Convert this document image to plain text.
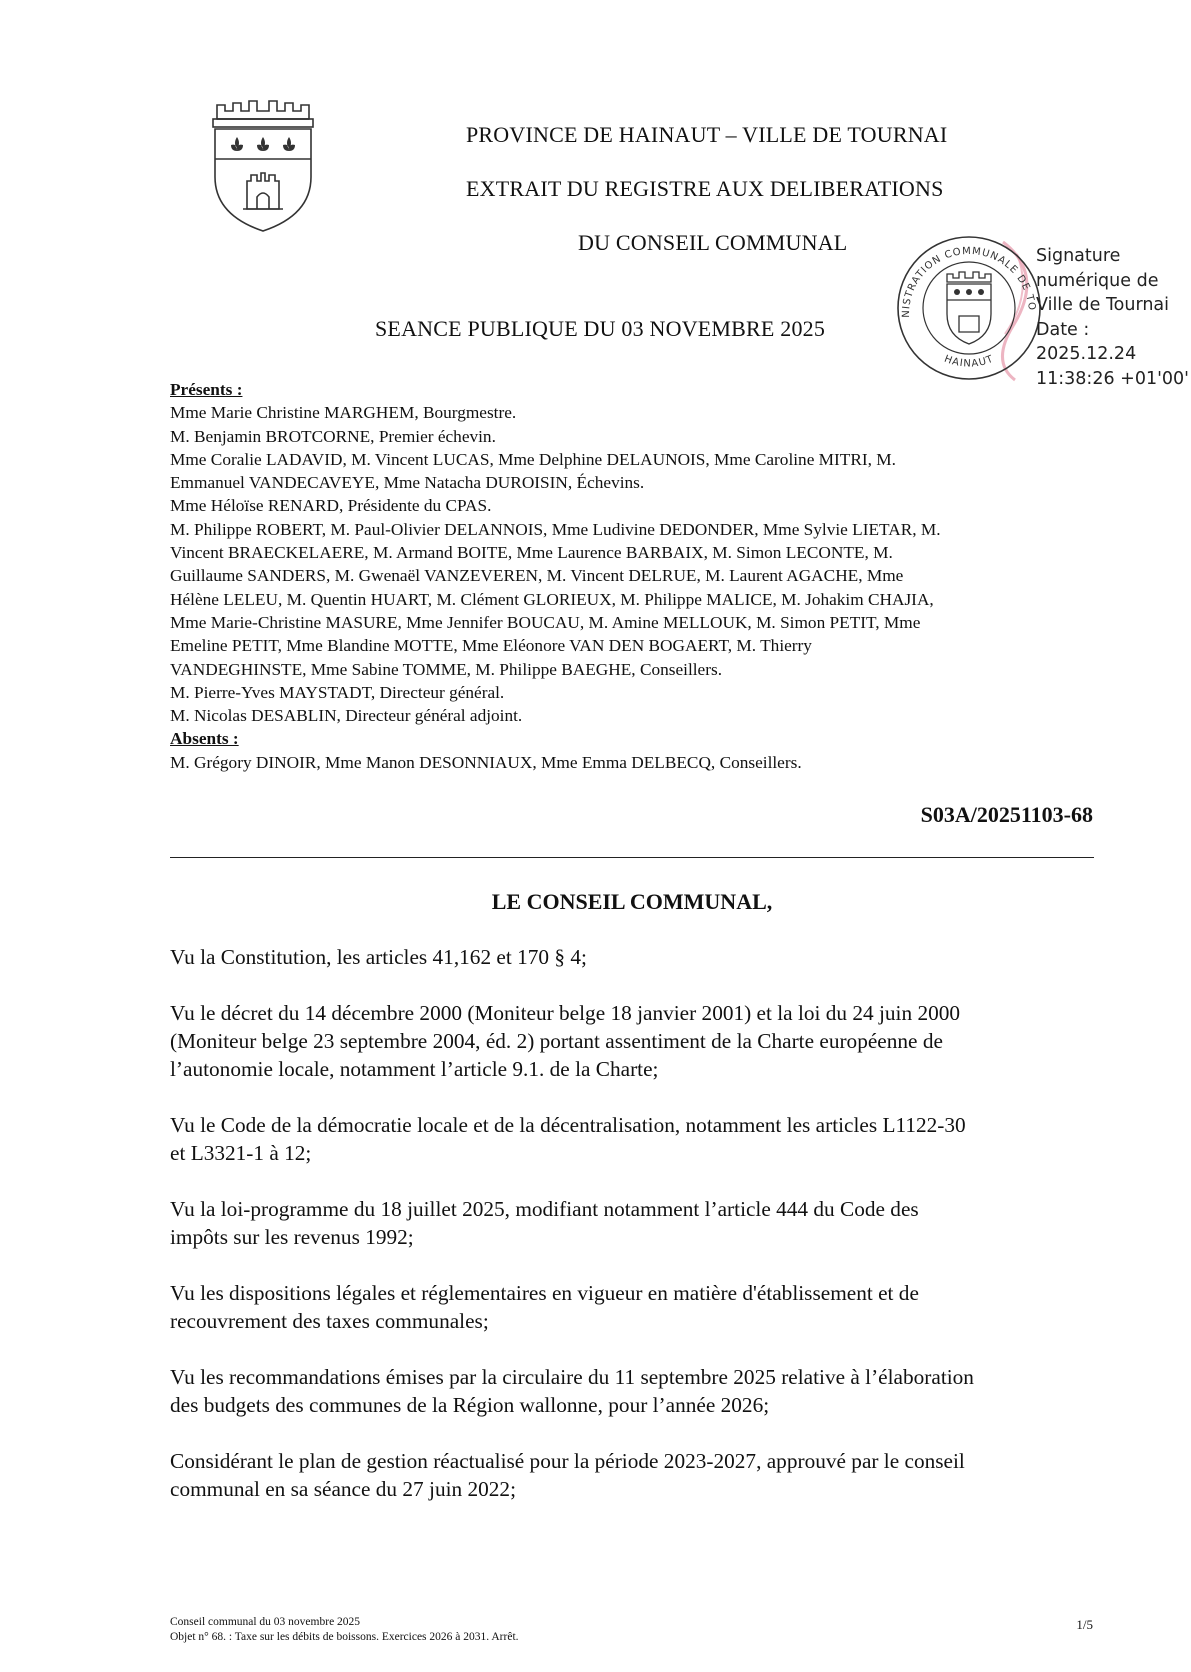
PROVINCE DE HAINAUT – VILLE DE TOURNAI
EXTRAIT DU REGISTRE AUX DELIBERATIONS
DU CONSEIL COMMUNAL
SEANCE PUBLIQUE DU 03 NOVEMBRE 2025
ADMINISTRATION COMMUNALE DE TOURNAI
HAINAUT
Signature
numérique de
Ville de Tournai
Date :
2025.12.24
11:38:26 +01'00'

Présents :

Mme Marie Christine MARGHEM, Bourgmestre.

M. Benjamin BROTCORNE, Premier échevin.

Mme Coralie LADAVID, M. Vincent LUCAS, Mme Delphine DELAUNOIS, Mme Caroline MITRI, M.

Emmanuel VANDECAVEYE, Mme Natacha DUROISIN, Échevins.

Mme Héloïse RENARD, Présidente du CPAS.

M. Philippe ROBERT, M. Paul-Olivier DELANNOIS, Mme Ludivine DEDONDER, Mme Sylvie LIETAR, M.

Vincent BRAECKELAERE, M. Armand BOITE, Mme Laurence BARBAIX, M. Simon LECONTE, M.

Guillaume SANDERS, M. Gwenaël VANZEVEREN, M. Vincent DELRUE, M. Laurent AGACHE, Mme

Hélène LELEU, M. Quentin HUART, M. Clément GLORIEUX, M. Philippe MALICE, M. Johakim CHAJIA,

Mme Marie-Christine MASURE, Mme Jennifer BOUCAU, M. Amine MELLOUK, M. Simon PETIT, Mme

Emeline PETIT, Mme Blandine MOTTE, Mme Eléonore VAN DEN BOGAERT, M. Thierry

VANDEGHINSTE, Mme Sabine TOMME, M. Philippe BAEGHE, Conseillers.

M. Pierre-Yves MAYSTADT, Directeur général.

M. Nicolas DESABLIN, Directeur général adjoint.

Absents :

M. Grégory DINOIR, Mme Manon DESONNIAUX, Mme Emma DELBECQ, Conseillers.

S03A/20251103-68
LE CONSEIL COMMUNAL,

Vu la Constitution, les articles 41,162 et 170 § 4;

Vu le décret du 14 décembre 2000 (Moniteur belge 18 janvier 2001) et la loi du 24 juin 2000
(Moniteur belge 23 septembre 2004, éd. 2) portant assentiment de la Charte européenne de
l’autonomie locale, notamment l’article 9.1. de la Charte;

Vu le Code de la démocratie locale et de la décentralisation, notamment les articles L1122-30
et L3321-1 à 12;

Vu la loi-programme du 18 juillet 2025, modifiant notamment l’article 444 du Code des
impôts sur les revenus 1992;

Vu les dispositions légales et réglementaires en vigueur en matière d'établissement et de
recouvrement des taxes communales;

Vu les recommandations émises par la circulaire du 11 septembre 2025 relative à l’élaboration
des budgets des communes de la Région wallonne, pour l’année 2026;

Considérant le plan de gestion réactualisé pour la période 2023-2027, approuvé par le conseil
communal en sa séance du 27 juin 2022;

Conseil communal du 03 novembre 2025
Objet n° 68. : Taxe sur les débits de boissons. Exercices 2026 à 2031. Arrêt.
1/5
